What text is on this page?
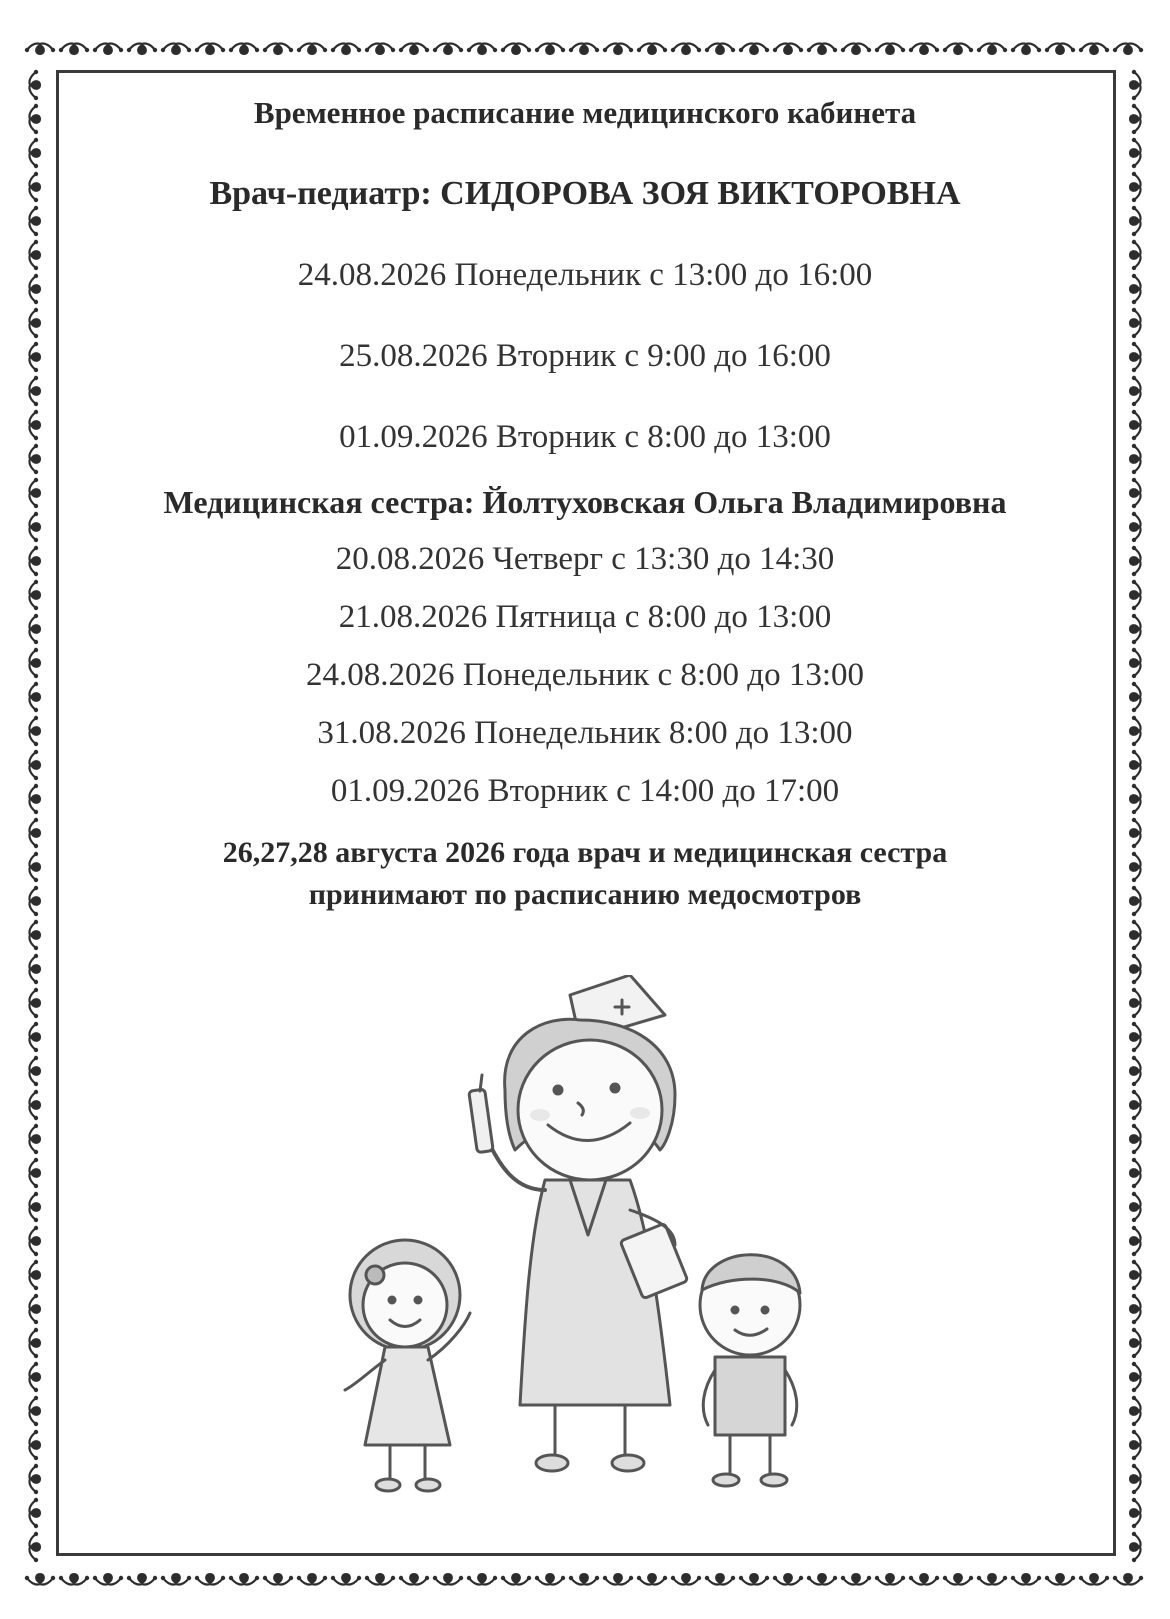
Временное расписание медицинского кабинета

Врач-педиатр: СИДОРОВА ЗОЯ ВИКТОРОВНА

24.08.2026 Понедельник с 13:00 до 16:00

25.08.2026 Вторник с 9:00 до 16:00

01.09.2026 Вторник с 8:00 до 13:00

Медицинская сестра: Йолтуховская Ольга Владимировна

20.08.2026 Четверг с 13:30 до 14:30

21.08.2026 Пятница с 8:00 до 13:00

24.08.2026 Понедельник с 8:00 до 13:00

31.08.2026 Понедельник 8:00 до 13:00

01.09.2026 Вторник с 14:00 до 17:00

26,27,28 августа 2026 года врач и медицинская сестра

принимают по расписанию медосмотров
